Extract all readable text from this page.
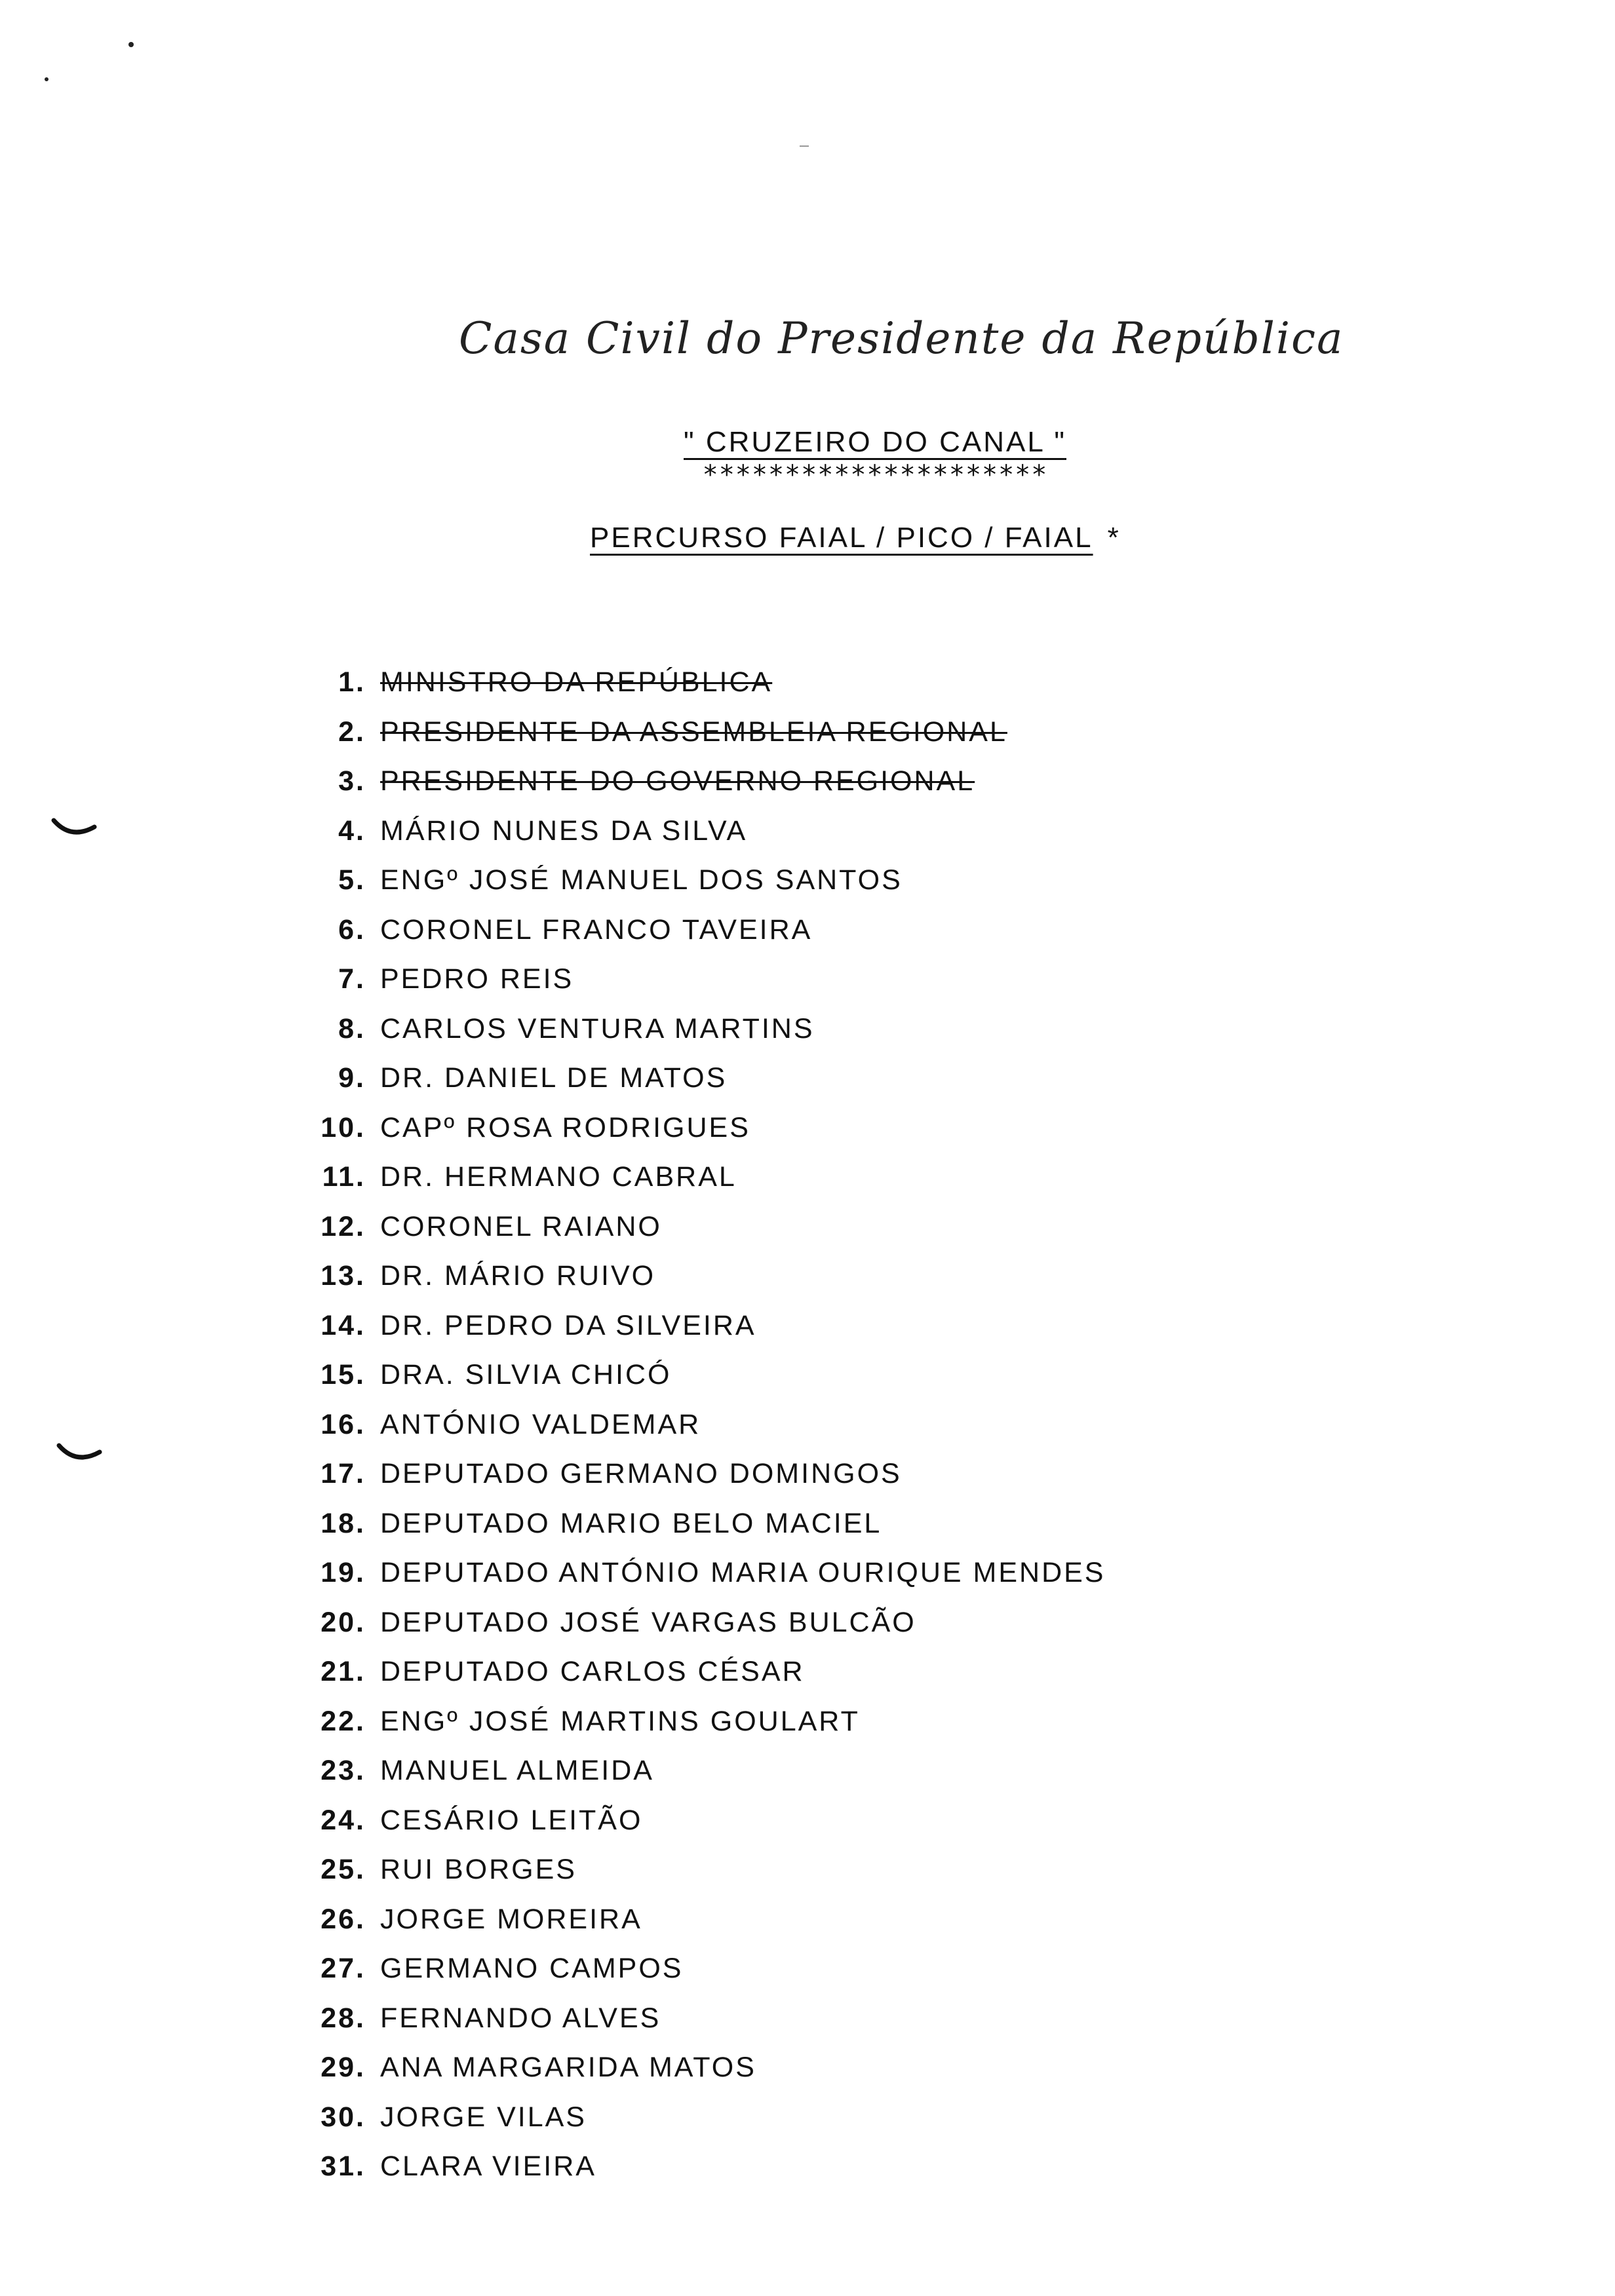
Casa Civil do Presidente da República
" CRUZEIRO DO CANAL "
*********************
PERCURSO FAIAL / PICO / FAIAL *
1. MINISTRO DA REPÚBLICA
2. PRESIDENTE DA ASSEMBLEIA REGIONAL
3. PRESIDENTE DO GOVERNO REGIONAL
4. MÁRIO NUNES DA SILVA
5. ENGº JOSÉ MANUEL DOS SANTOS
6. CORONEL FRANCO TAVEIRA
7. PEDRO REIS
8. CARLOS VENTURA MARTINS
9. DR. DANIEL DE MATOS
10. CAPº ROSA RODRIGUES
11. DR. HERMANO CABRAL
12. CORONEL RAIANO
13. DR. MÁRIO RUIVO
14. DR. PEDRO DA SILVEIRA
15. DRA. SILVIA CHICÓ
16. ANTÓNIO VALDEMAR
17. DEPUTADO GERMANO DOMINGOS
18. DEPUTADO MARIO BELO MACIEL
19. DEPUTADO ANTÓNIO MARIA OURIQUE MENDES
20. DEPUTADO JOSÉ VARGAS BULCÃO
21. DEPUTADO CARLOS CÉSAR
22. ENGº JOSÉ MARTINS GOULART
23. MANUEL ALMEIDA
24. CESÁRIO LEITÃO
25. RUI BORGES
26. JORGE MOREIRA
27. GERMANO CAMPOS
28. FERNANDO ALVES
29. ANA MARGARIDA MATOS
30. JORGE VILAS
31. CLARA VIEIRA
